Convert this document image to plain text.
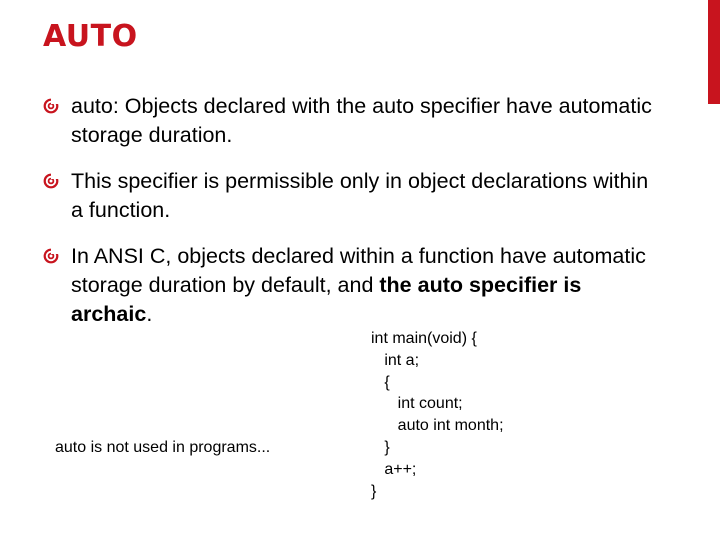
AUTO
auto: Objects declared with the auto specifier have automatic storage duration.
This specifier is permissible only in object declarations within a function.
In ANSI C, objects declared within a function have automatic storage duration by default, and the auto specifier is archaic.
auto is not used in programs...
int main(void) {
int a;
{
int count;
auto int month;
}
a++;
}
